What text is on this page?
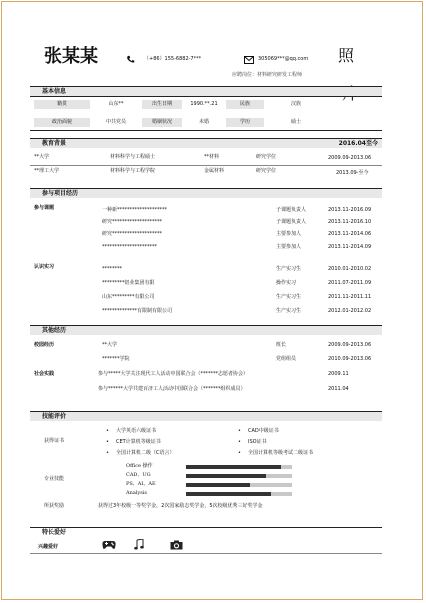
张某某	（+86）155-6882-7***	305069***@qq.com
应聘岗位：材料研究研发工程师
照
基本信息
籍贯	山东**	出生日期	1990.**.21	民族	汉族
政治面貌	中共党员	婚姻状况	未婚	学历	硕士
教育背景	2016.04至今
**大学	材料科学与工程硕士	**材料	研究学位	2009.09-2013.06
**理工大学	材料科学与工程学院	金属材料	研究学位	2013.09-至今
参与项目经历
参与课题	一种新********************	子课题负责人	2013.11-2016.09
研究********************	子课题负责人	2013.11-2016.10
研究********************	主要参加人	2013.11-2014.06
**********************	主要参加人	2013.11-2014.09
认识实习	********	生产实习生	2010.01-2010.02
*********铝业集团有限	操作实习	2011.07-2011.09
山东*********有限公司	生产实习生	2011.11-2011.11
**************有限制有限公司	生产实习生	2012.01-2012.02
其他经历
校园经历	**大学	班长	2009.09-2013.06
*******学院	党组组员	2010.09-2013.06
社会实践	参与*****大学关注现代工人活动中国联合会（*******志愿者协会）	2009.11
参与******大学共建百济工人活动中国联合会（*******组织成员）	2011.04
技能评价
获得证书
• 大学英语六级证书
• CET计算机等级证书
• 全国计算机二级（C语言）
• CAD中级证书
• ISO证书
• 全国计算机等级考试二级证书
专业技能
Office 操作
CAD、UG
PS、AI、AE
Analysis
所获奖励	获得过3年校级一等奖学金，2次国家励志奖学金，5次校级优秀三好奖学金
特长爱好
兴趣爱好
